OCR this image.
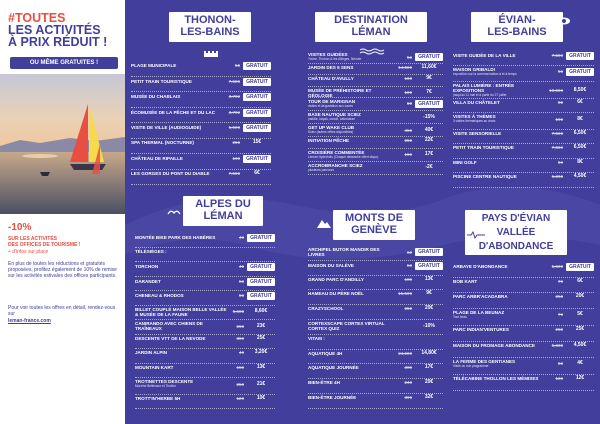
#TOUTES
LES ACTIVITÉS
À PRIX RÉDUIT !
OU MÊME GRATUITES !
-10%
SUR LES ACTIVITÉS
DES OFFICES DE TOURISME !
+ d'infos sur place
En plus de toutes les réductions et gratuités proposées, profitez également de 10% de remise sur les activités estivales des offices participants.
Pour voir toutes les offres en détail, rendez-vous sur
leman-france.com
THONON-
LES-BAINS
PLAGE MUNICIPALE	5€	GRATUIT
PETIT TRAIN TOURISTIQUE	7,50€	GRATUIT
MUSÉE DU CHABLAIS	3,70€	GRATUIT
ÉCOMUSÉE DE LA PÊCHE ET DU LAC	3,70€	GRATUIT
VISITE DE VILLE (AUDIOGUIDE)	5,50€	GRATUIT
SPA THERMAL (NOCTURNE)	25€	15€
CHÂTEAU DE RIPAILLE	10€	GRATUIT
LES GORGES DU PONT DU DIABLE	7,50€	6€
DESTINATION
LÉMAN
VISITES GUIDÉES
Yvoire, Thonon & les Allinges, Nernier	5€	GRATUIT
JARDIN DES 5 SENS	14,50€	11,60€
CHÂTEAU D'AVULLY	10€	9€
MUSÉE DE PRÉHISTOIRE ET GÉOLOGIE
10€	7€
TOUR DE MARIGNAN
visites et dégustation aux caves	8€	GRATUIT
BASE NAUTIQUE SCIEZ
paddle, kayak, canoë, catamaran	-15%
GET UP WAKE CLUB
Sciez (autres offres disponibles)	45€	40€
INITIATION PÊCHE	25€	22€
CROISIÈRE COMMENTÉE
Léman Hydrofoils (Chaque dimanche offert dispo)	19€	17€
ACCROBRANCHE SCIEZ
plusieurs parcours	-2€
ÉVIAN-
LES-BAINS
VISITE GUIDÉE DE LA VILLE	7,50€	GRATUIT
MAISON GRIBALDI
exposition sur la communication à et à temps	5€	GRATUIT
PALAIS LUMIÈRE : ENTRÉE EXPOSITIONS
jusqu'au 11 mai et à partir du 27 juillet
10,50€	8,50€
VILLA DU CHÂTELET	8€	6€
VISITES À THÈMES
3 visites thématiques au choix	10€	8€
VISITE SENSORIELLE	7,50€	6,50€
PETIT TRAIN TOURISTIQUE	7,50€	6,50€
MINI GOLF	9€	8€
PISCINE CENTRE NAUTIQUE	5,20€	4,50€
ALPES DU
LÉMAN
MONTÉE BIKE PARK DES HABÈRES	4€	GRATUIT
TÉLÉSIÈGES :
TORCHON	4€	GRATUIT
DARANDET	5€	GRATUIT
CHENEAU & RHODOS	5€	GRATUIT
BILLET COUPLÉ MAISON BELLE VALLÉE & MUSÉE DE LA FAUNE
9,60€	8,60€
CANIRANDO AVEC CHIENS DE TRAÎNEAUX
26€	23€
DESCENTE VTT DE LA NEVODE	30€	25€
JARDIN ALPIN	4€	3,20€
MOUNTAIN KART	15€	13€
TROTINETTES DESCENTE
Morzine Bellevaux et Thollon	25€	21€
TROTT'IN'HERBE 5H	12€	10€
MONTS DE
GENÈVE
ARCHIPEL BUTOR MANOIR DES LIVRES
6€	GRATUIT
MAISON DU SALÈVE	5€	GRATUIT
GRAND PARC D'ANDILLY	18€	13€
HAMEAU DU PÈRE NOËL	15,50€	9€
CRAZYSCHOOL	25€	20€
CORTEXSCAPE CORTEX VIRTUAL CORTEX QUIZ
-10%
VITAM :
AQUATIQUE 4H	24,50€	14,80€
AQUATIQUE JOURNÉE	28€	17€
BIEN-ÊTRE 4H	24€	20€
BIEN-ÊTRE JOURNÉE	39€	32€
PAYS D'ÉVIAN
VALLÉE
D'ABONDANCE
ARBAYE D'ABONDANCE	5,50€	GRATUIT
BOB KART	7€	6€
PARC ARBR'ACADABRA	25€	20€
PLAGE DE LA BEUNAZ
Tout beau	7€	5€
PARC INDIAN'VENTURES	28€	25€
MAISON DU FROMAGE ABONDANCE	5,60€	4,50€
LA FERME DES GENTIANES
Visite ou voir programme	5€	4€
TÉLÉCABINE THOLLON LES MÉMISES	13€	12€
